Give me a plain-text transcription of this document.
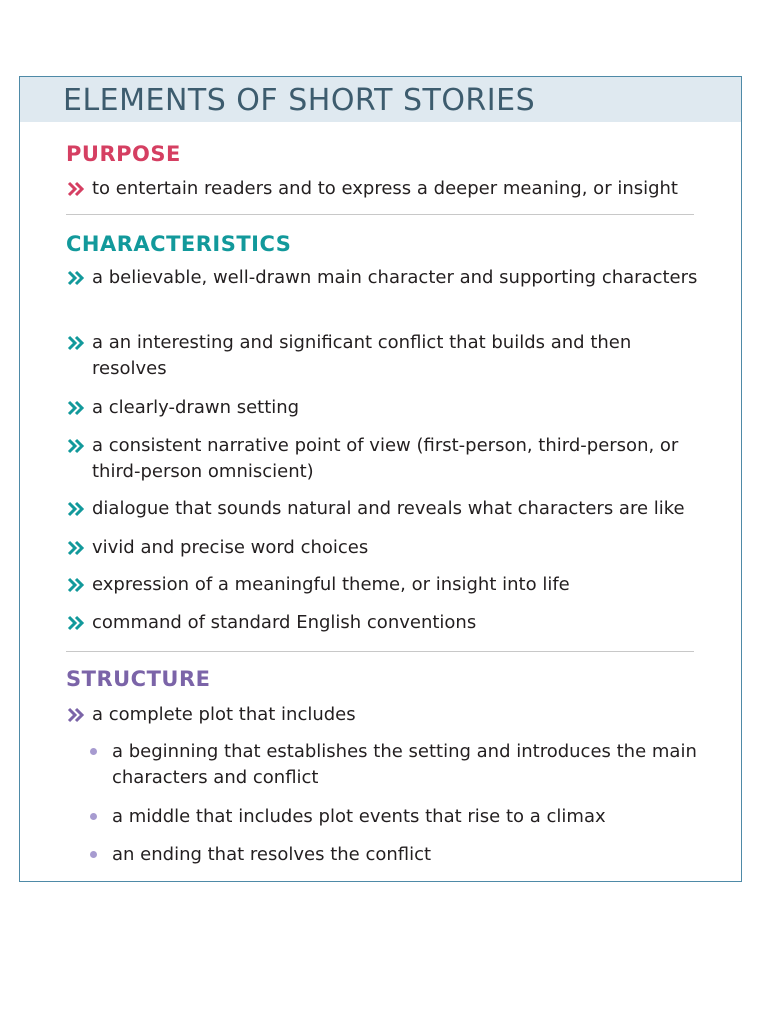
ELEMENTS OF SHORT STORIES
PURPOSE
to entertain readers and to express a deeper meaning, or insight
CHARACTERISTICS
a believable, well-drawn main character and supporting characters
a an interesting and significant conflict that builds and then resolves
a clearly-drawn setting
a consistent narrative point of view (first-person, third-person, or third-person omniscient)
dialogue that sounds natural and reveals what characters are like
vivid and precise word choices
expression of a meaningful theme, or insight into life
command of standard English conventions
STRUCTURE
a complete plot that includes
a beginning that establishes the setting and introduces the main characters and conflict
a middle that includes plot events that rise to a climax
an ending that resolves the conflict
